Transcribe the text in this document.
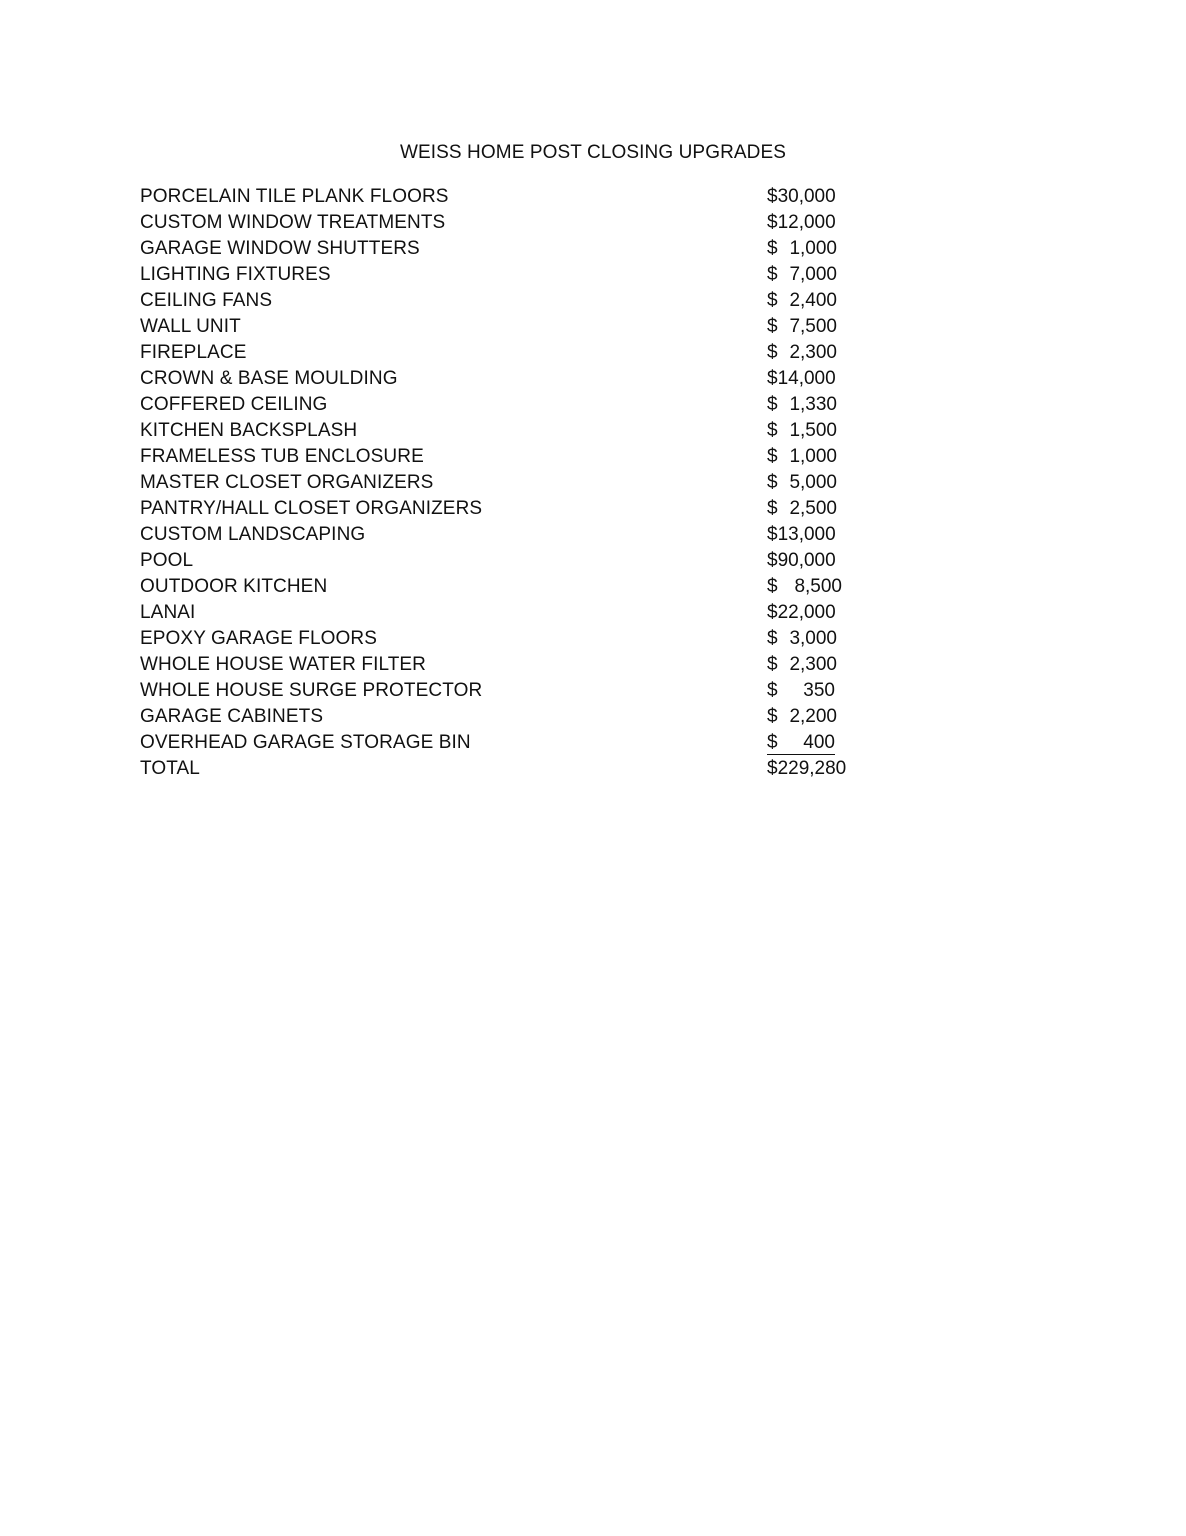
WEISS HOME POST CLOSING UPGRADES
PORCELAIN TILE PLANK FLOORS	$30,000
CUSTOM WINDOW TREATMENTS	$12,000
GARAGE WINDOW SHUTTERS	$ 1,000
LIGHTING FIXTURES	$ 7,000
CEILING FANS	$ 2,400
WALL UNIT	$ 7,500
FIREPLACE	$ 2,300
CROWN & BASE MOULDING	$14,000
COFFERED CEILING	$ 1,330
KITCHEN BACKSPLASH	$ 1,500
FRAMELESS TUB ENCLOSURE	$ 1,000
MASTER CLOSET ORGANIZERS	$ 5,000
PANTRY/HALL CLOSET ORGANIZERS	$ 2,500
CUSTOM LANDSCAPING	$13,000
POOL	$90,000
OUTDOOR KITCHEN	$ 8,500
LANAI	$22,000
EPOXY GARAGE FLOORS	$ 3,000
WHOLE HOUSE WATER FILTER	$ 2,300
WHOLE HOUSE SURGE PROTECTOR	$ 350
GARAGE CABINETS	$ 2,200
OVERHEAD GARAGE STORAGE BIN	$ 400
TOTAL	$229,280
